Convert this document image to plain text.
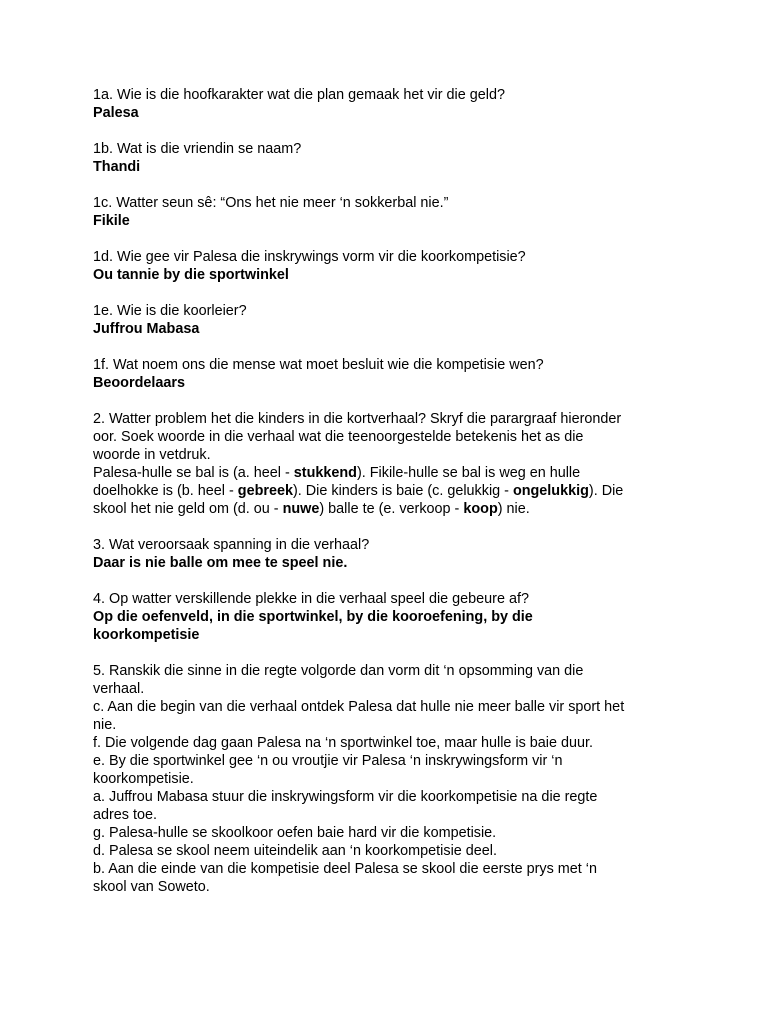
1a. Wie is die hoofkarakter wat die plan gemaak het vir die geld?
Palesa
1b. Wat is die vriendin se naam?
Thandi
1c. Watter seun sê: “Ons het nie meer ‘n sokkerbal nie.”
Fikile
1d. Wie gee vir Palesa die inskrywings vorm vir die koorkompetisie?
Ou tannie by die sportwinkel
1e. Wie is die koorleier?
Juffrou Mabasa
1f. Wat noem ons die mense wat moet besluit wie die kompetisie wen?
Beoordelaars
2. Watter problem het die kinders in die kortverhaal? Skryf die parargraaf hieronder
oor. Soek woorde in die verhaal wat die teenoorgestelde betekenis het as die
woorde in vetdruk.
Palesa-hulle se bal is (a. heel - stukkend). Fikile-hulle se bal is weg en hulle
doelhokke is (b. heel - gebreek). Die kinders is baie (c. gelukkig - ongelukkig). Die
skool het nie geld om (d. ou - nuwe) balle te (e. verkoop - koop) nie.
3. Wat veroorsaak spanning in die verhaal?
Daar is nie balle om mee te speel nie.
4. Op watter verskillende plekke in die verhaal speel die gebeure af?
Op die oefenveld, in die sportwinkel, by die kooroefening, by die
koorkompetisie
5. Ranskik die sinne in die regte volgorde dan vorm dit ‘n opsomming van die
verhaal.
c. Aan die begin van die verhaal ontdek Palesa dat hulle nie meer balle vir sport het
nie.
f. Die volgende dag gaan Palesa na ‘n sportwinkel toe, maar hulle is baie duur.
e. By die sportwinkel gee ‘n ou vroutjie vir Palesa ‘n inskrywingsform vir ‘n
koorkompetisie.
a. Juffrou Mabasa stuur die inskrywingsform vir die koorkompetisie na die regte
adres toe.
g. Palesa-hulle se skoolkoor oefen baie hard vir die kompetisie.
d. Palesa se skool neem uiteindelik aan ‘n koorkompetisie deel.
b. Aan die einde van die kompetisie deel Palesa se skool die eerste prys met ‘n
skool van Soweto.
